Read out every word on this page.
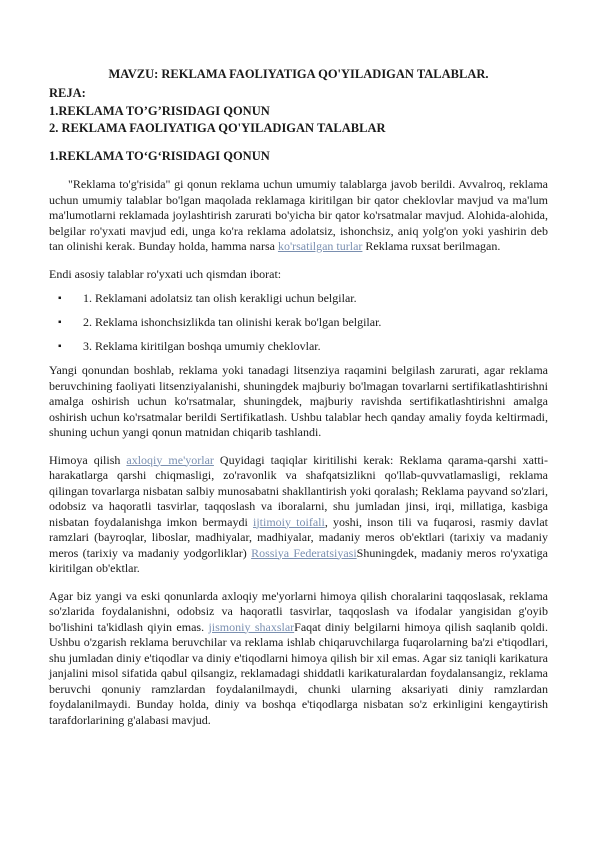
MAVZU: REKLAMA FAOLIYATIGA QO'YILADIGAN TALABLAR.
REJA:
1.REKLAMA TO’G’RISIDAGI QONUN
2. REKLAMA FAOLIYATIGA QO'YILADIGAN TALABLAR
1.REKLAMA TO‘G‘RISIDAGI QONUN

"Reklama to'g'risida" gi qonun reklama uchun umumiy talablarga javob berildi. Avvalroq, reklama uchun umumiy talablar bo'lgan maqolada reklamaga kiritilgan bir qator cheklovlar mavjud va ma'lum ma'lumotlarni reklamada joylashtirish zarurati bo'yicha bir qator ko'rsatmalar mavjud. Alohida-alohida, belgilar ro'yxati mavjud edi, unga ko'ra reklama adolatsiz, ishonchsiz, aniq yolg'on yoki yashirin deb tan olinishi kerak. Bunday holda, hamma narsa ko'rsatilgan turlar Reklama ruxsat berilmagan.

Endi asosiy talablar ro'yxati uch qismdan iborat:

▪ 1. Reklamani adolatsiz tan olish kerakligi uchun belgilar.
▪ 2. Reklama ishonchsizlikda tan olinishi kerak bo'lgan belgilar.
▪ 3. Reklama kiritilgan boshqa umumiy cheklovlar.

Yangi qonundan boshlab, reklama yoki tanadagi litsenziya raqamini belgilash zarurati, agar reklama beruvchining faoliyati litsenziyalanishi, shuningdek majburiy bo'lmagan tovarlarni sertifikatlashtirishni amalga oshirish uchun ko'rsatmalar, shuningdek, majburiy ravishda sertifikatlashtirishni amalga oshirish uchun ko'rsatmalar berildi Sertifikatlash. Ushbu talablar hech qanday amaliy foyda keltirmadi, shuning uchun yangi qonun matnidan chiqarib tashlandi.

Himoya qilish axloqiy me'yorlar Quyidagi taqiqlar kiritilishi kerak: Reklama qarama-qarshi xatti-harakatlarga qarshi chiqmasligi, zo'ravonlik va shafqatsizlikni qo'llab-quvvatlamasligi, reklama qilingan tovarlarga nisbatan salbiy munosabatni shakllantirish yoki qoralash; Reklama payvand so'zlari, odobsiz va haqoratli tasvirlar, taqqoslash va iboralarni, shu jumladan jinsi, irqi, millatiga, kasbiga nisbatan foydalanishga imkon bermaydi ijtimoiy toifali, yoshi, inson tili va fuqarosi, rasmiy davlat ramzlari (bayroqlar, liboslar, madhiyalar, madhiyalar, madaniy meros ob'ektlari (tarixiy va madaniy meros (tarixiy va madaniy yodgorliklar) Rossiya FederatsiyasiShuningdek, madaniy meros ro'yxatiga kiritilgan ob'ektlar.

Agar biz yangi va eski qonunlarda axloqiy me'yorlarni himoya qilish choralarini taqqoslasak, reklama so'zlarida foydalanishni, odobsiz va haqoratli tasvirlar, taqqoslash va ifodalar yangisidan g'oyib bo'lishini ta'kidlash qiyin emas. jismoniy shaxslarFaqat diniy belgilarni himoya qilish saqlanib qoldi. Ushbu o'zgarish reklama beruvchilar va reklama ishlab chiqaruvchilarga fuqarolarning ba'zi e'tiqodlari, shu jumladan diniy e'tiqodlar va diniy e'tiqodlarni himoya qilish bir xil emas. Agar siz taniqli karikatura janjalini misol sifatida qabul qilsangiz, reklamadagi shiddatli karikaturalardan foydalansangiz, reklama beruvchi qonuniy ramzlardan foydalanilmaydi, chunki ularning aksariyati diniy ramzlardan foydalanilmaydi. Bunday holda, diniy va boshqa e'tiqodlarga nisbatan so'z erkinligini kengaytirish tarafdorlarining g'alabasi mavjud.
